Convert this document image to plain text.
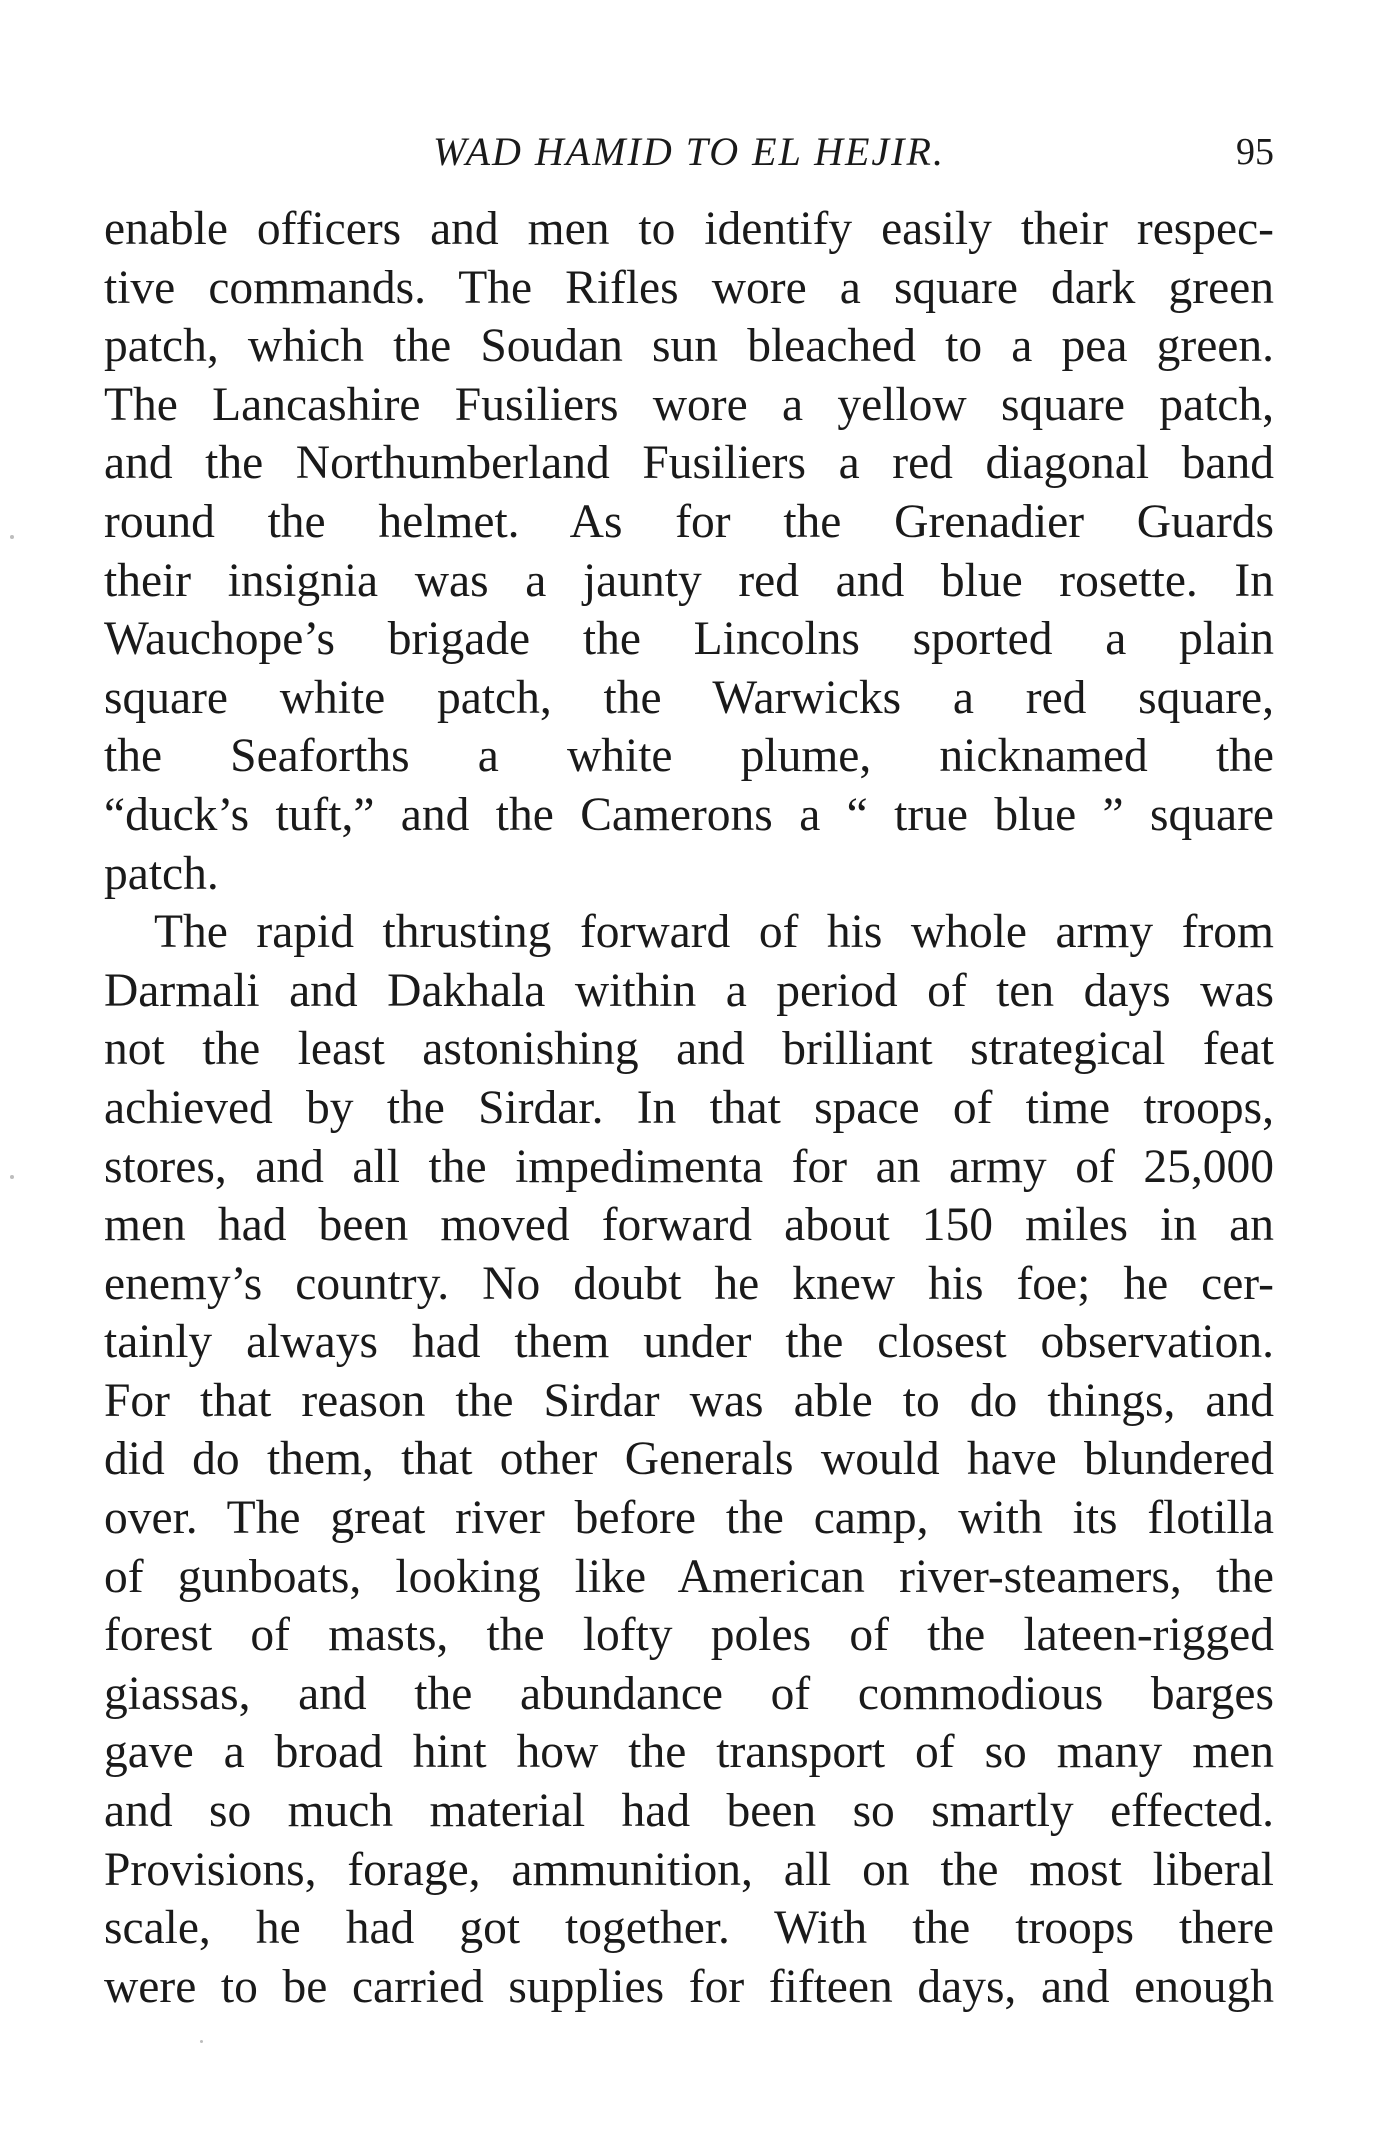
WAD HAMID TO EL HEJIR.	95
enable officers and men to identify easily their respec-
tive commands. The Rifles wore a square dark green
patch, which the Soudan sun bleached to a pea green.
The Lancashire Fusiliers wore a yellow square patch,
and the Northumberland Fusiliers a red diagonal band
round the helmet. As for the Grenadier Guards
their insignia was a jaunty red and blue rosette. In
Wauchope’s brigade the Lincolns sported a plain
square white patch, the Warwicks a red square,
the Seaforths a white plume, nicknamed the
“duck’s tuft,” and the Camerons a “ true blue ” square
patch.
The rapid thrusting forward of his whole army from
Darmali and Dakhala within a period of ten days was
not the least astonishing and brilliant strategical feat
achieved by the Sirdar. In that space of time troops,
stores, and all the impedimenta for an army of 25,000
men had been moved forward about 150 miles in an
enemy’s country. No doubt he knew his foe; he cer-
tainly always had them under the closest observation.
For that reason the Sirdar was able to do things, and
did do them, that other Generals would have blundered
over. The great river before the camp, with its flotilla
of gunboats, looking like American river-steamers, the
forest of masts, the lofty poles of the lateen-rigged
giassas, and the abundance of commodious barges
gave a broad hint how the transport of so many men
and so much material had been so smartly effected.
Provisions, forage, ammunition, all on the most liberal
scale, he had got together. With the troops there
were to be carried supplies for fifteen days, and enough
